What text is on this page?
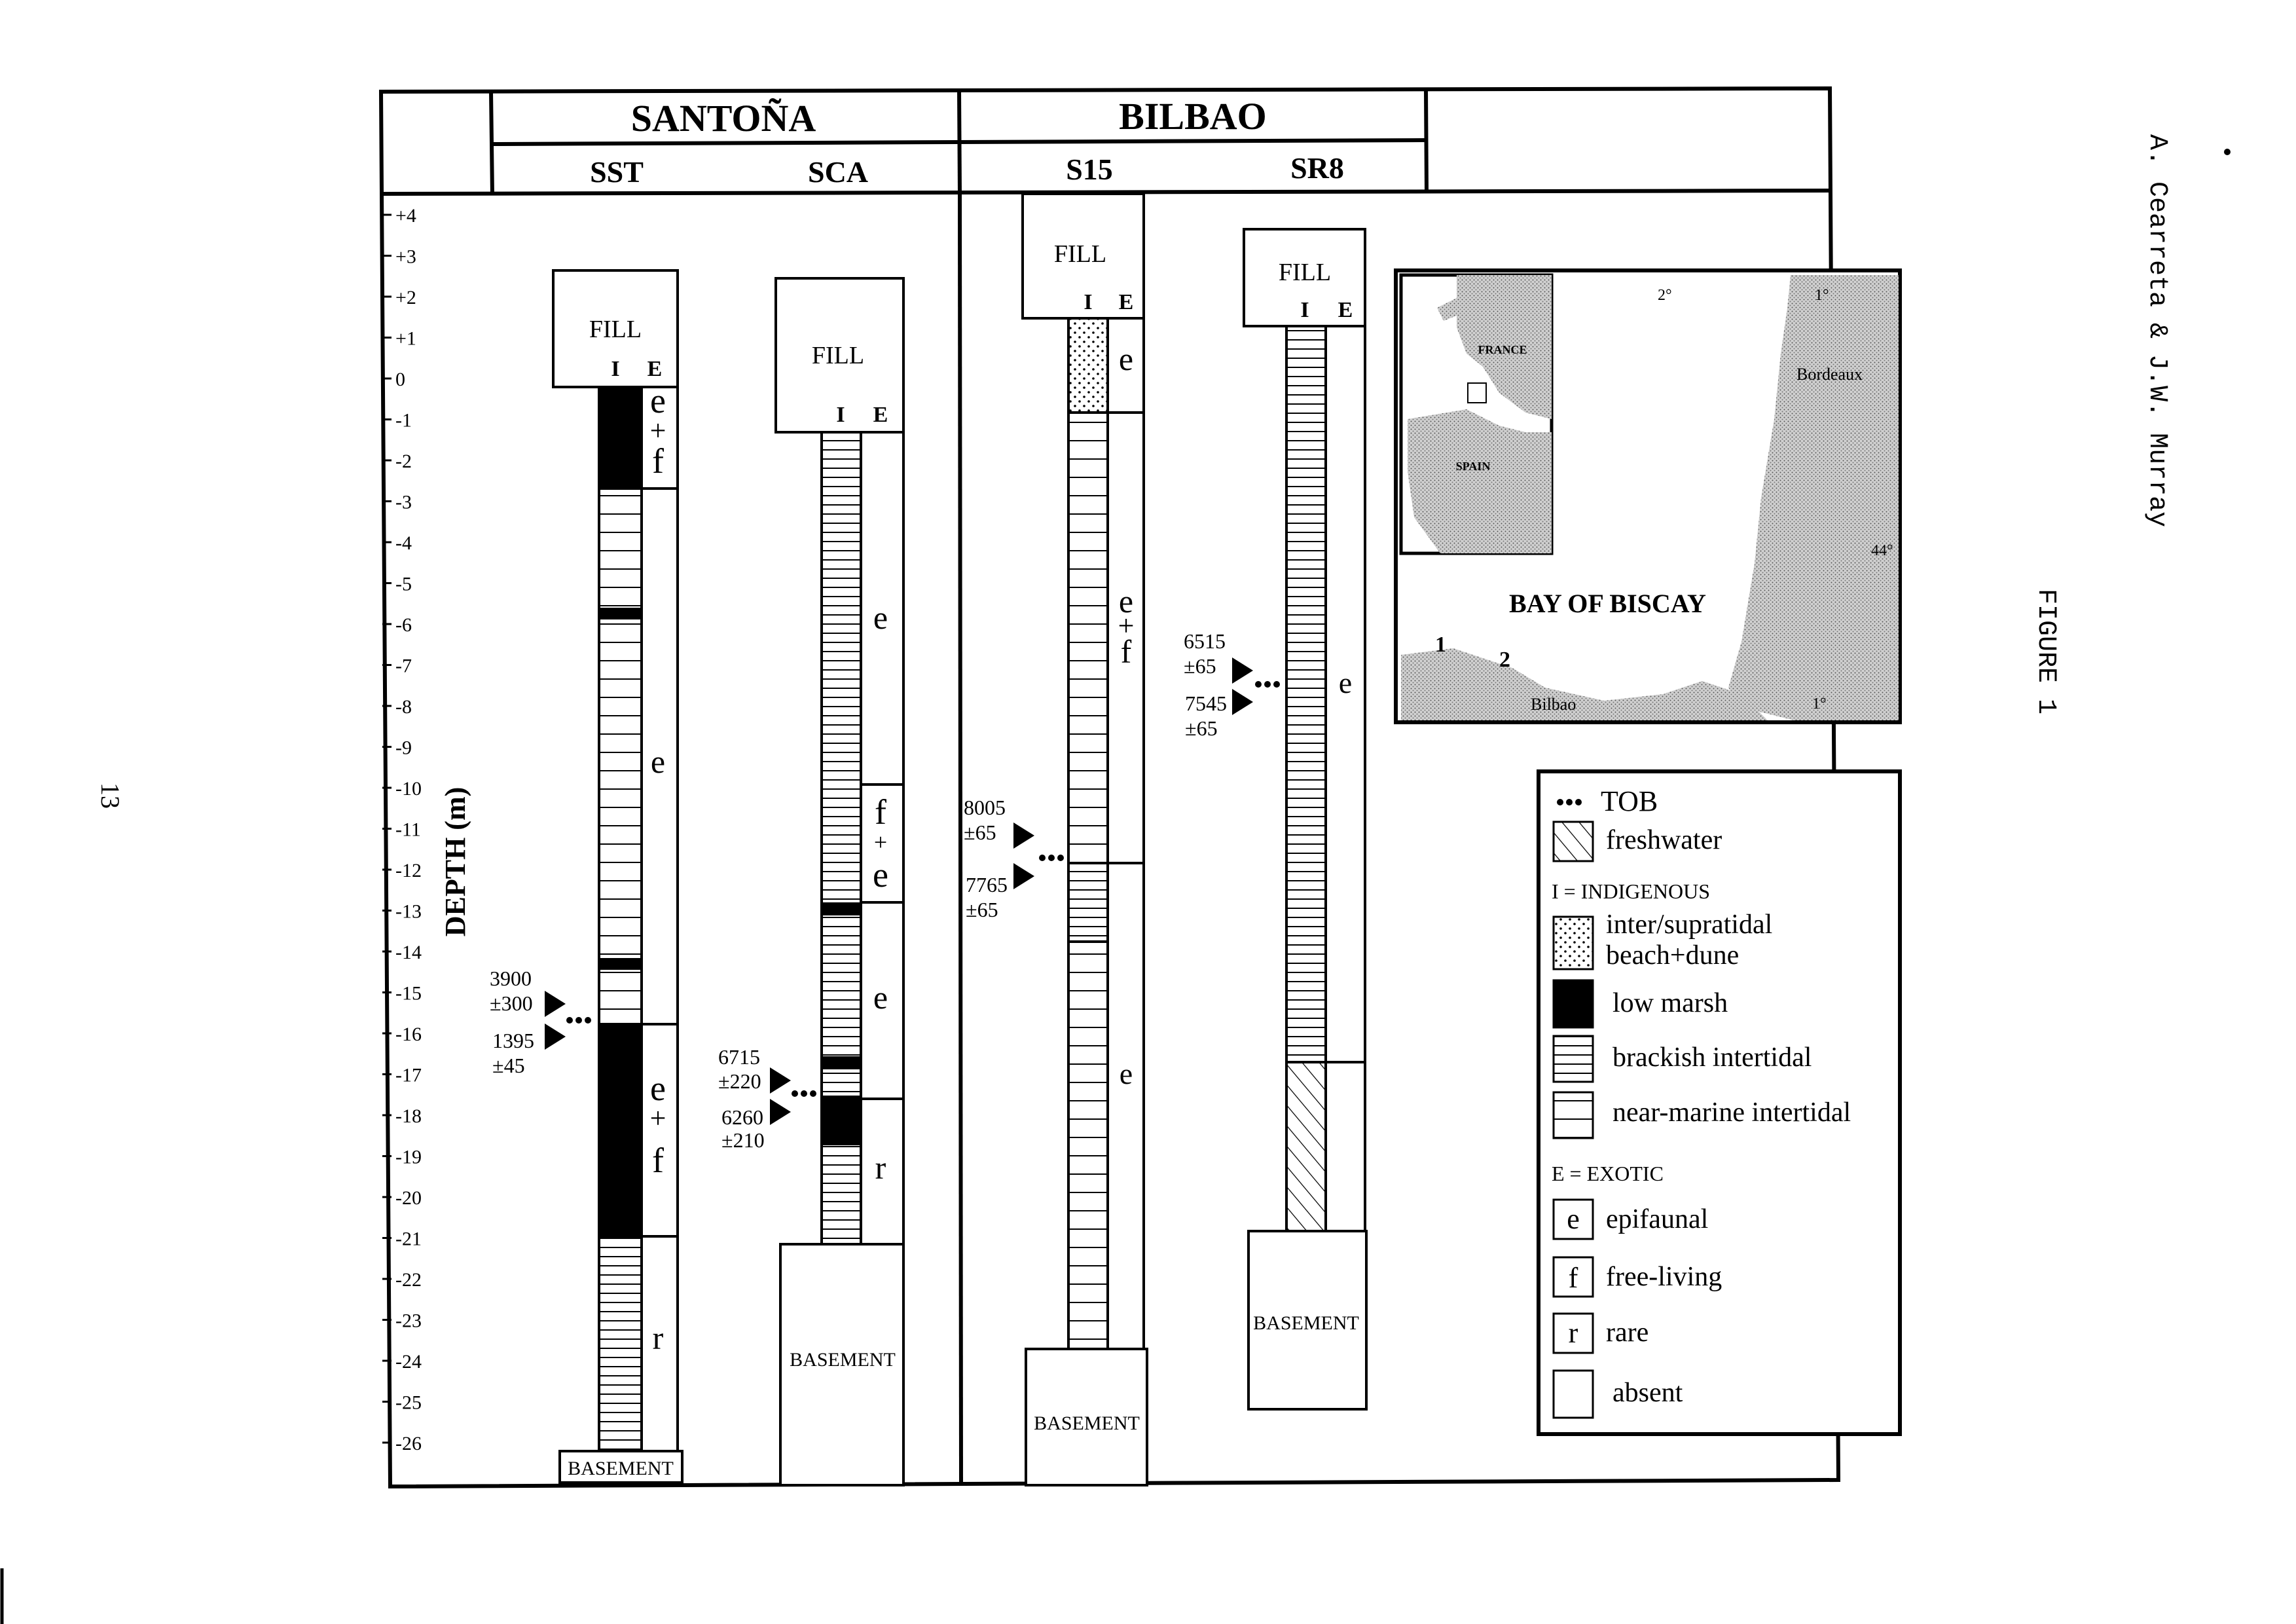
SANTOÑA	BILBAO
SST	SCA	S15	SR8
+4
+3
+2
+1
0
-1
-2
-3
-4
-5
-6
-7
-8
-9
-10
-11
-12
-13
-14
-15
-16
-17
-18
-19
-20
-21
-22
-23
-24
-25
-26
DEPTH (m)
FILL
I E
e
+
f
e
e
+
f
r
BASEMENT
FILL
I E
e
f
+
e
e
r
BASEMENT
FILL
I E
e
e
+
f
e
BASEMENT
FILL
I E
e
BASEMENT
3900
±300
1395
±45	6715
±220
6260
±210
8005
±65
7765
±65
6515
±65
7545
±65
FRANCE
SPAIN
BAY OF BISCAY
Bordeaux
Bilbao
1
2
2°	1°
44°
1°
TOB
freshwater
I = INDIGENOUS
inter/supratidal
beach+dune
low marsh
brackish intertidal
near-marine intertidal
E = EXOTIC
e epifaunal
f free-living
r rare
absent
13
A. Cearreta & J.W. Murray
FIGURE 1
